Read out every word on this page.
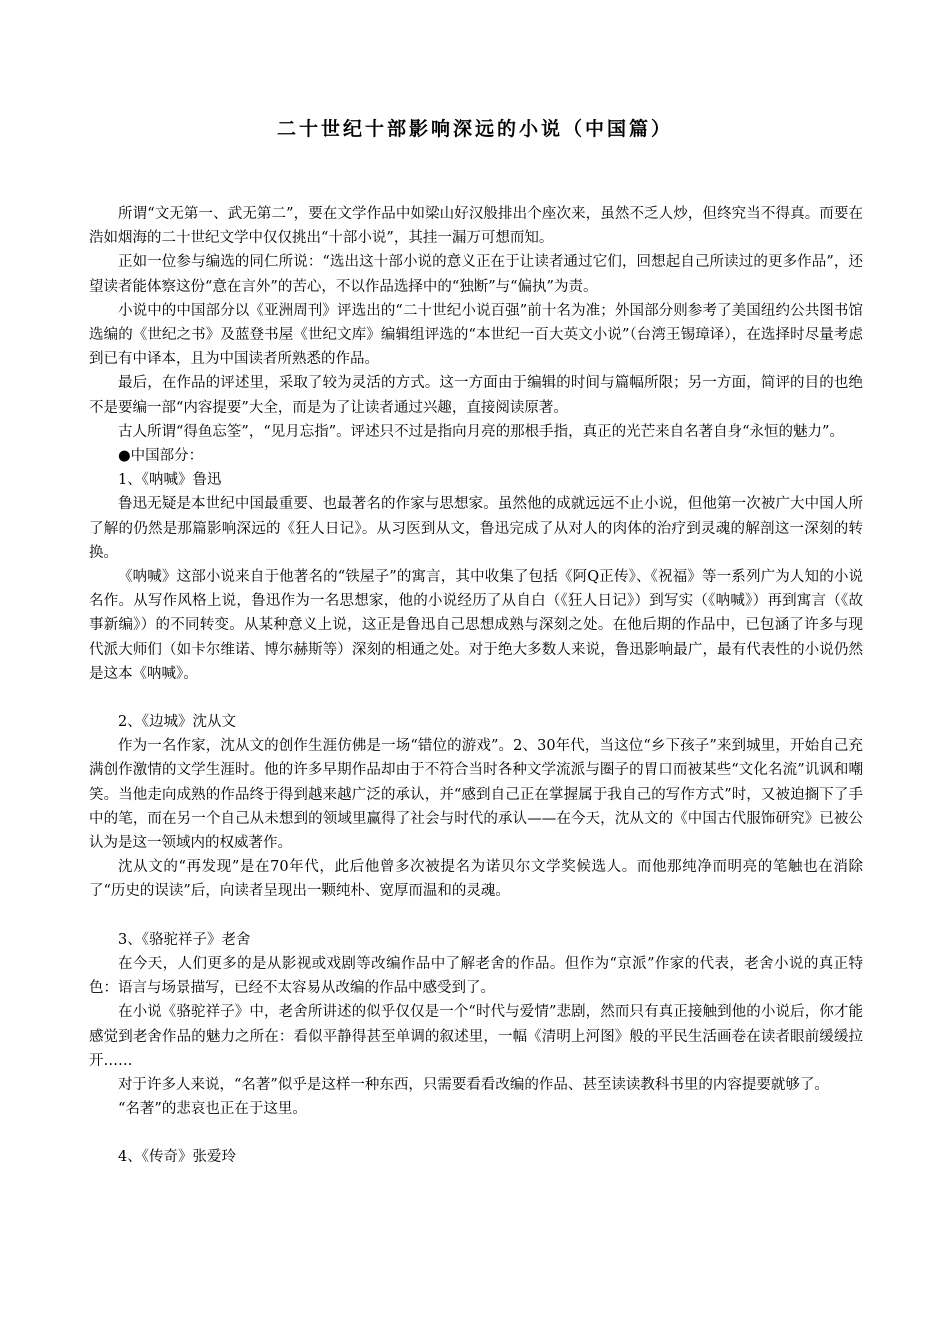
二十世纪十部影响深远的小说（中国篇）

所谓“文无第一、武无第二”，要在文学作品中如梁山好汉般排出个座次来，虽然不乏人炒，但终究当不得真。而要在浩如烟海的二十世纪文学中仅仅挑出“十部小说”，其挂一漏万可想而知。

正如一位参与编选的同仁所说：“选出这十部小说的意义正在于让读者通过它们，回想起自己所读过的更多作品”，还望读者能体察这份“意在言外”的苦心，不以作品选择中的“独断”与“偏执”为责。

小说中的中国部分以《亚洲周刊》评选出的“二十世纪小说百强”前十名为准；外国部分则参考了美国纽约公共图书馆选编的《世纪之书》及蓝登书屋《世纪文库》编辑组评选的“本世纪一百大英文小说”（台湾王锡璋译），在选择时尽量考虑到已有中译本，且为中国读者所熟悉的作品。

最后，在作品的评述里，采取了较为灵活的方式。这一方面由于编辑的时间与篇幅所限；另一方面，简评的目的也绝不是要编一部“内容提要”大全，而是为了让读者通过兴趣，直接阅读原著。

古人所谓“得鱼忘筌”，“见月忘指”。评述只不过是指向月亮的那根手指，真正的光芒来自名著自身“永恒的魅力”。

●中国部分：

1、《呐喊》鲁迅

鲁迅无疑是本世纪中国最重要、也最著名的作家与思想家。虽然他的成就远远不止小说，但他第一次被广大中国人所了解的仍然是那篇影响深远的《狂人日记》。从习医到从文，鲁迅完成了从对人的肉体的治疗到灵魂的解剖这一深刻的转换。

《呐喊》这部小说来自于他著名的“铁屋子”的寓言，其中收集了包括《阿Q正传》、《祝福》等一系列广为人知的小说名作。从写作风格上说，鲁迅作为一名思想家，他的小说经历了从自白（《狂人日记》）到写实（《呐喊》）再到寓言（《故事新编》）的不同转变。从某种意义上说，这正是鲁迅自己思想成熟与深刻之处。在他后期的作品中，已包涵了许多与现代派大师们（如卡尔维诺、博尔赫斯等）深刻的相通之处。对于绝大多数人来说，鲁迅影响最广，最有代表性的小说仍然是这本《呐喊》。

2、《边城》沈从文

作为一名作家，沈从文的创作生涯仿佛是一场“错位的游戏”。2、30年代，当这位“乡下孩子”来到城里，开始自己充满创作激情的文学生涯时。他的许多早期作品却由于不符合当时各种文学流派与圈子的胃口而被某些“文化名流”讥讽和嘲笑。当他走向成熟的作品终于得到越来越广泛的承认，并“感到自己正在掌握属于我自己的写作方式”时，又被迫搁下了手中的笔，而在另一个自己从未想到的领域里赢得了社会与时代的承认——在今天，沈从文的《中国古代服饰研究》已被公认为是这一领域内的权威著作。

沈从文的“再发现”是在70年代，此后他曾多次被提名为诺贝尔文学奖候选人。而他那纯净而明亮的笔触也在消除了“历史的误读”后，向读者呈现出一颗纯朴、宽厚而温和的灵魂。

3、《骆驼祥子》老舍

在今天，人们更多的是从影视或戏剧等改编作品中了解老舍的作品。但作为“京派”作家的代表，老舍小说的真正特色：语言与场景描写，已经不太容易从改编的作品中感受到了。

在小说《骆驼祥子》中，老舍所讲述的似乎仅仅是一个“时代与爱情”悲剧，然而只有真正接触到他的小说后，你才能感觉到老舍作品的魅力之所在：看似平静得甚至单调的叙述里，一幅《清明上河图》般的平民生活画卷在读者眼前缓缓拉开……

对于许多人来说，“名著”似乎是这样一种东西，只需要看看改编的作品、甚至读读教科书里的内容提要就够了。

“名著”的悲哀也正在于这里。

4、《传奇》张爱玲
